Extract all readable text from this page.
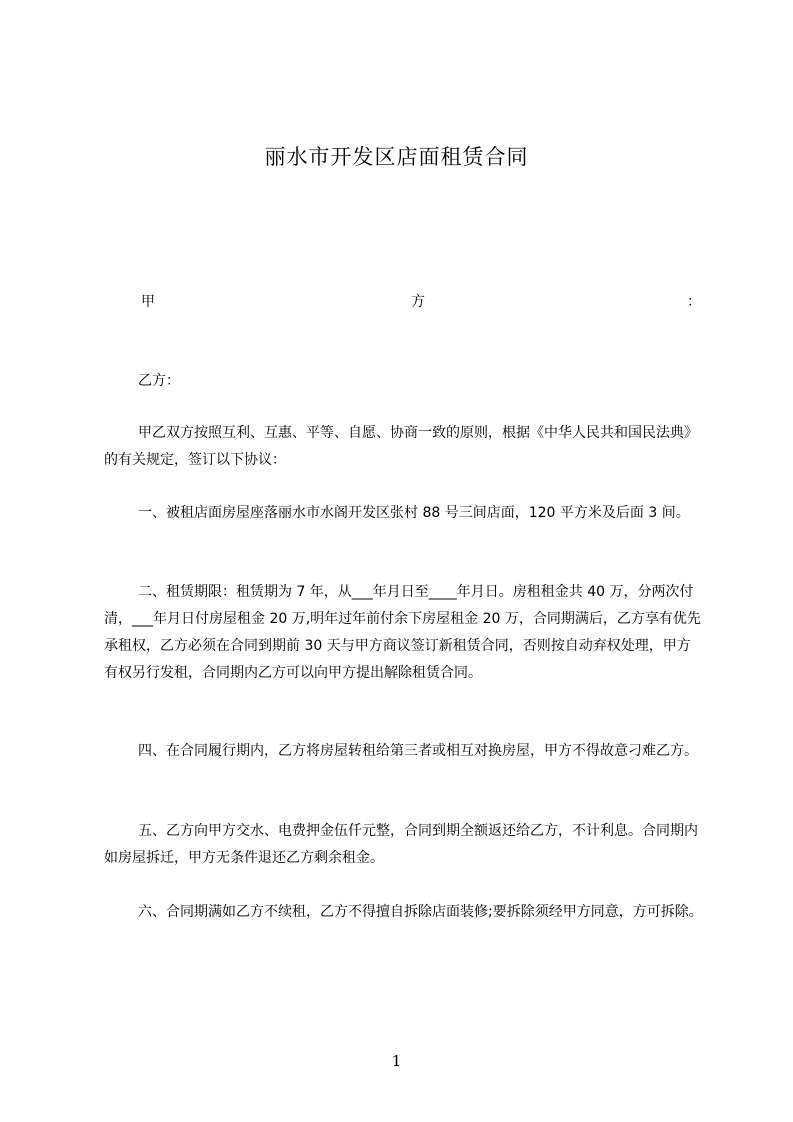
丽水市开发区店面租赁合同
甲	方	：
乙方：
甲乙双方按照互利、互惠、平等、自愿、协商一致的原则，根据《中华人民共和国民法典》的有关规定，签订以下协议：
一、被租店面房屋座落丽水市水阁开发区张村 88 号三间店面，120 平方米及后面 3 间。
二、租赁期限：租赁期为 7 年，从___年月日至____年月日。房租租金共 40 万，分两次付清，___年月日付房屋租金 20 万,明年过年前付余下房屋租金 20 万，合同期满后，乙方享有优先承租权，乙方必须在合同到期前 30 天与甲方商议签订新租赁合同，否则按自动弃权处理，甲方有权另行发租，合同期内乙方可以向甲方提出解除租赁合同。
四、在合同履行期内，乙方将房屋转租给第三者或相互对换房屋，甲方不得故意刁难乙方。
五、乙方向甲方交水、电费押金伍仟元整，合同到期全额返还给乙方，不计利息。合同期内如房屋拆迁，甲方无条件退还乙方剩余租金。
六、合同期满如乙方不续租，乙方不得擅自拆除店面装修;要拆除须经甲方同意，方可拆除。
1
